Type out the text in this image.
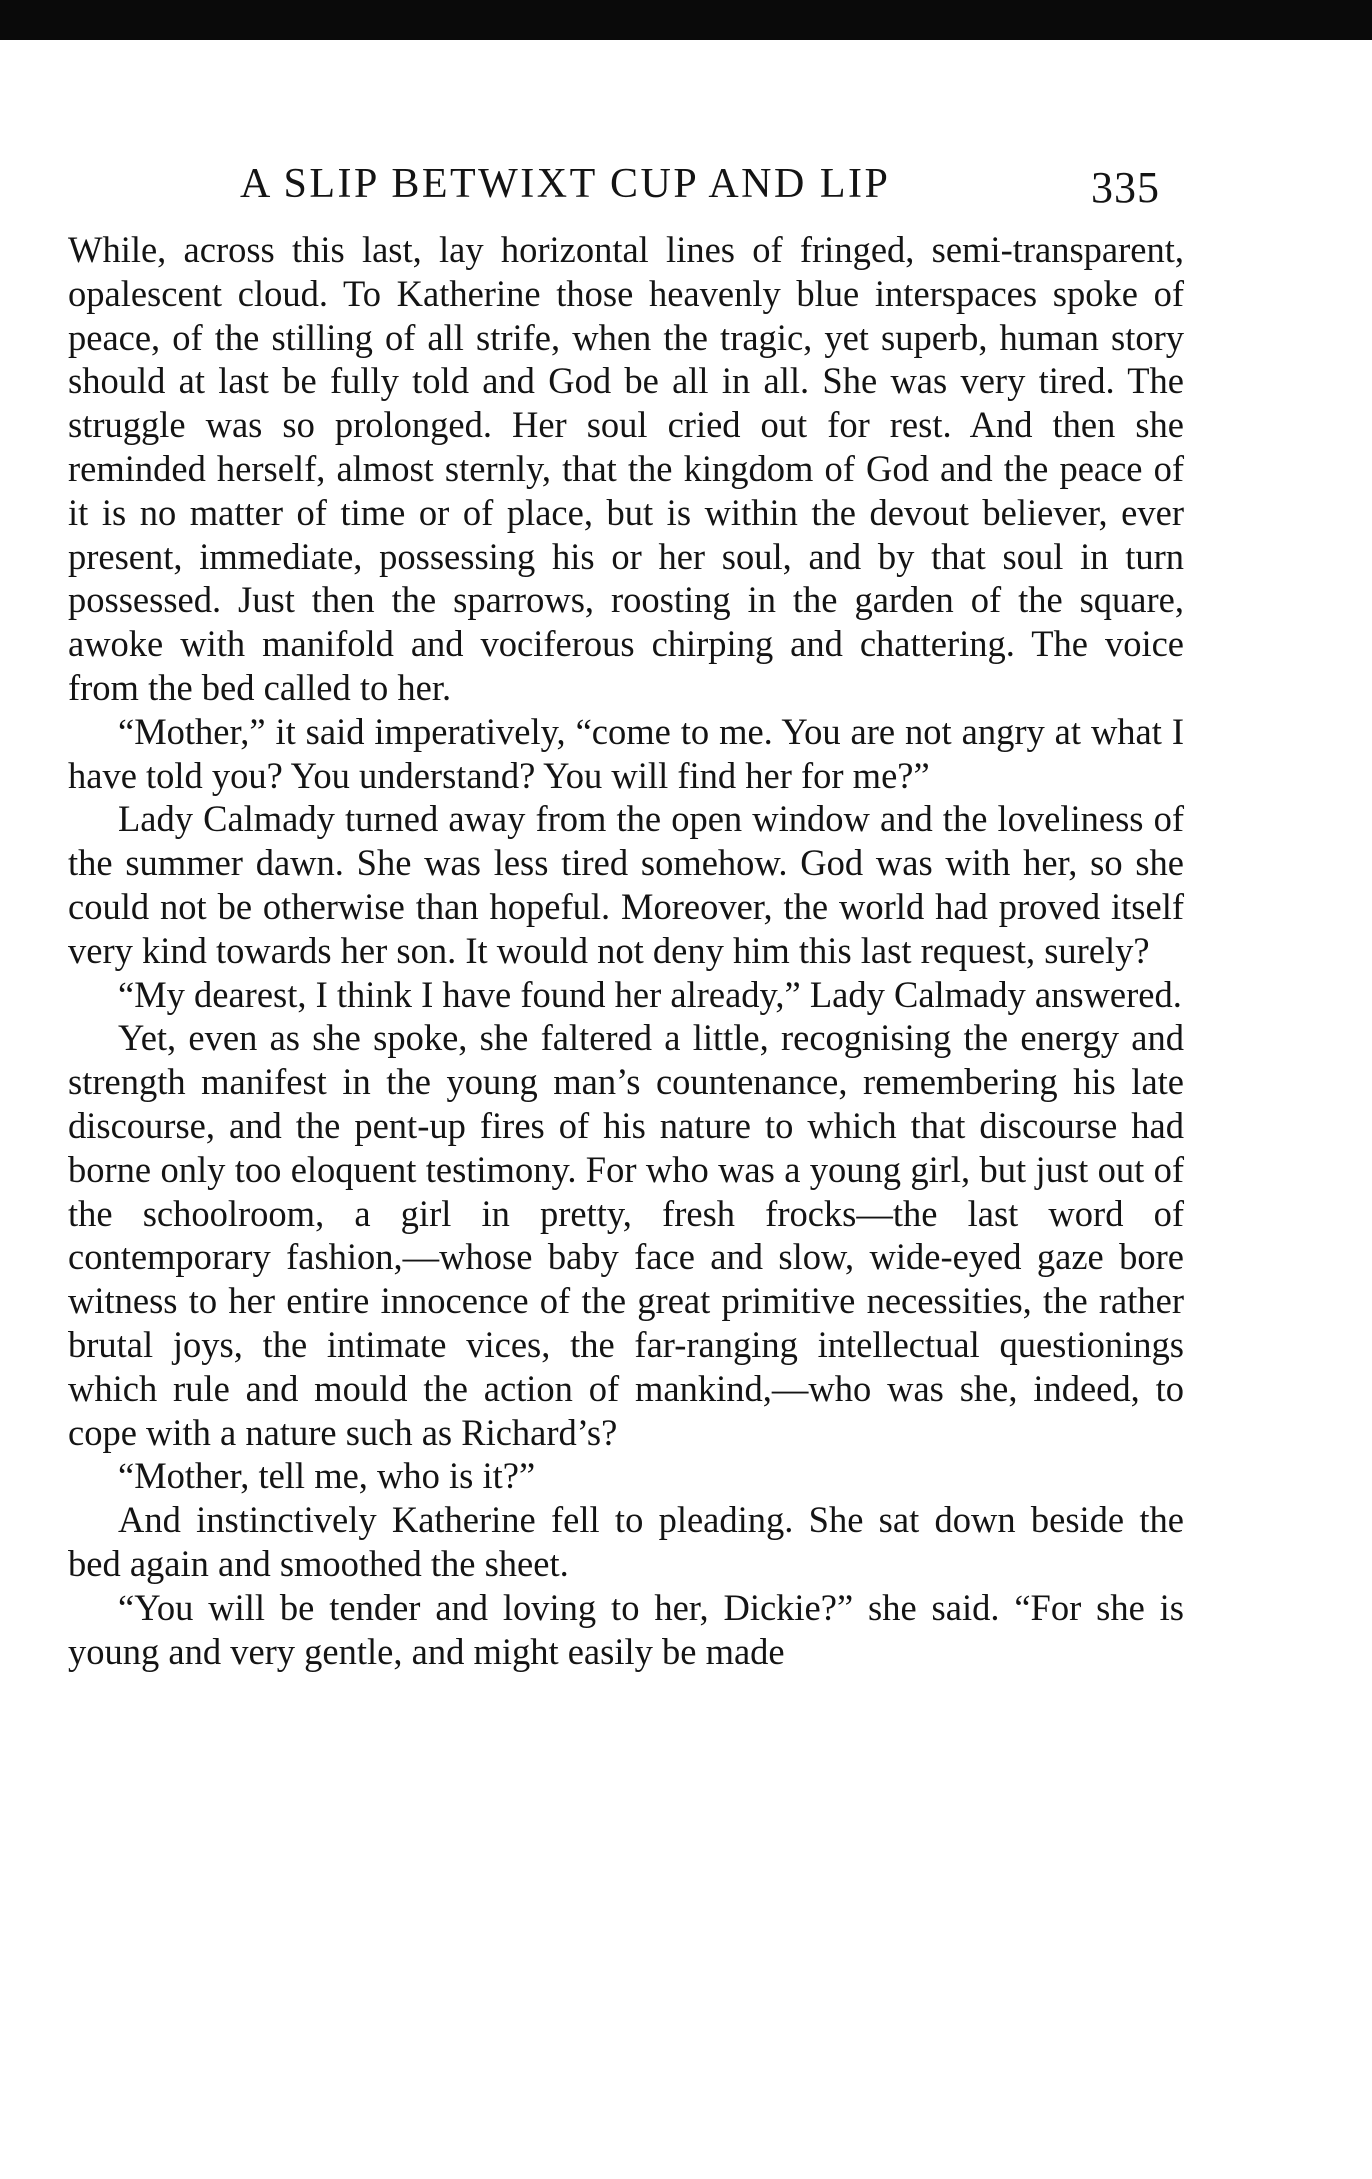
A SLIP BETWIXT CUP AND LIP	335

While, across this last, lay horizontal lines of fringed, semi-transparent, opalescent cloud. To Katherine those heavenly blue interspaces spoke of peace, of the stilling of all strife, when the tragic, yet superb, human story should at last be fully told and God be all in all. She was very tired. The struggle was so prolonged. Her soul cried out for rest. And then she reminded herself, almost sternly, that the kingdom of God and the peace of it is no matter of time or of place, but is within the devout believer, ever present, immediate, possessing his or her soul, and by that soul in turn possessed. Just then the sparrows, roosting in the garden of the square, awoke with manifold and vociferous chirping and chattering. The voice from the bed called to her.

“Mother,” it said imperatively, “come to me. You are not angry at what I have told you? You understand? You will find her for me?”

Lady Calmady turned away from the open window and the loveliness of the summer dawn. She was less tired somehow. God was with her, so she could not be otherwise than hopeful. Moreover, the world had proved itself very kind towards her son. It would not deny him this last request, surely?

“My dearest, I think I have found her already,” Lady Calmady answered.

Yet, even as she spoke, she faltered a little, recognising the energy and strength manifest in the young man’s countenance, remembering his late discourse, and the pent-up fires of his nature to which that discourse had borne only too eloquent testimony. For who was a young girl, but just out of the schoolroom, a girl in pretty, fresh frocks—the last word of contemporary fashion,—whose baby face and slow, wide-eyed gaze bore witness to her entire innocence of the great primitive necessities, the rather brutal joys, the intimate vices, the far-ranging intellectual questionings which rule and mould the action of mankind,—who was she, indeed, to cope with a nature such as Richard’s?

“Mother, tell me, who is it?”

And instinctively Katherine fell to pleading. She sat down beside the bed again and smoothed the sheet.

“You will be tender and loving to her, Dickie?” she said. “For she is young and very gentle, and might easily be made
